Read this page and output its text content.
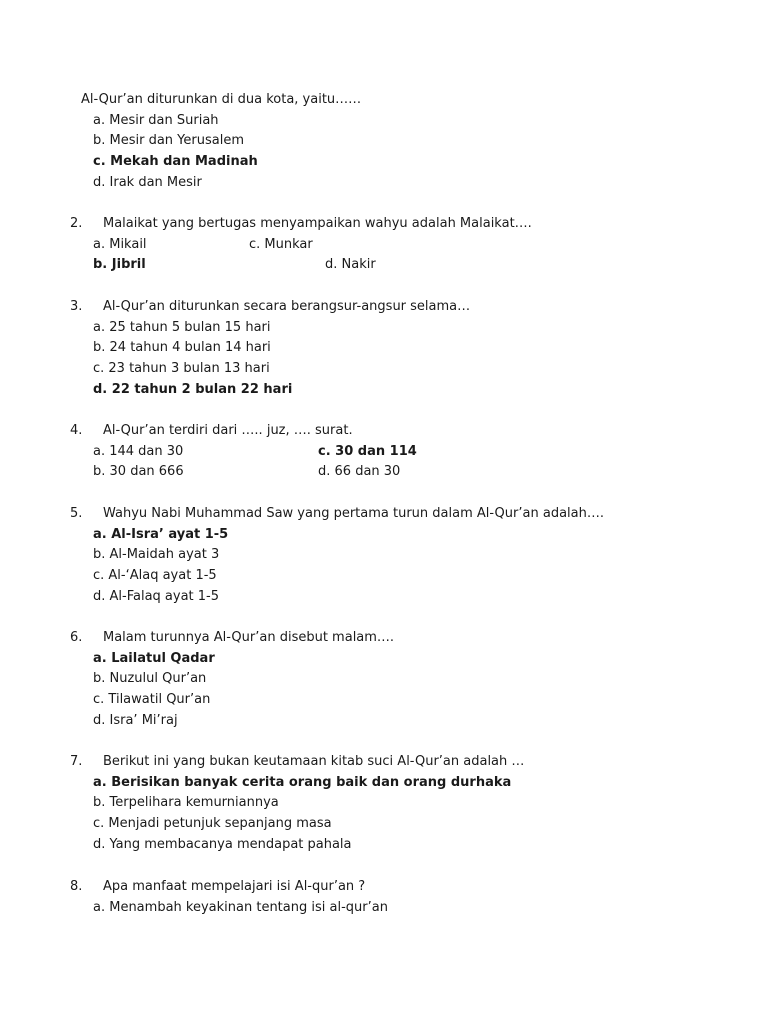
Al-Qur’an diturunkan di dua kota, yaitu……
a. Mesir dan Suriah
b. Mesir dan Yerusalem
c. Mekah dan Madinah
d. Irak dan Mesir
2. Malaikat yang bertugas menyampaikan wahyu adalah Malaikat….
a. Mikail	c. Munkar
b. Jibril	d. Nakir
3. Al-Qur’an diturunkan secara berangsur-angsur selama…
a. 25 tahun 5 bulan 15 hari
b. 24 tahun 4 bulan 14 hari
c. 23 tahun 3 bulan 13 hari
d. 22 tahun 2 bulan 22 hari
4. Al-Qur’an terdiri dari ….. juz, …. surat.
a. 144 dan 30	c. 30 dan 114
b. 30 dan 666	d. 66 dan 30
5. Wahyu Nabi Muhammad Saw yang pertama turun dalam Al-Qur’an adalah….
a. Al-Isra’ ayat 1-5
b. Al-Maidah ayat 3
c. Al-‘Alaq ayat 1-5
d. Al-Falaq ayat 1-5
6. Malam turunnya Al-Qur’an disebut malam….
a. Lailatul Qadar
b. Nuzulul Qur’an
c. Tilawatil Qur’an
d. Isra’ Mi’raj
7. Berikut ini yang bukan keutamaan kitab suci Al-Qur’an adalah …
a. Berisikan banyak cerita orang baik dan orang durhaka
b. Terpelihara kemurniannya
c. Menjadi petunjuk sepanjang masa
d. Yang membacanya mendapat pahala
8. Apa manfaat mempelajari isi Al-qur’an ?
a. Menambah keyakinan tentang isi al-qur’an
